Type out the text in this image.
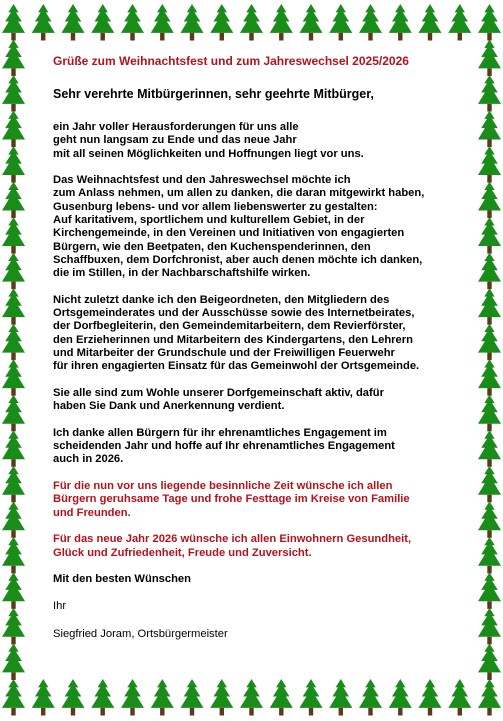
Grüße zum Weihnachtsfest und zum Jahreswechsel 2025/2026

Sehr verehrte Mitbürgerinnen, sehr geehrte Mitbürger,

ein Jahr voller Herausforderungen für uns alle
geht nun langsam zu Ende und das neue Jahr
mit all seinen Möglichkeiten und Hoffnungen liegt vor uns.

Das Weihnachtsfest und den Jahreswechsel möchte ich
zum Anlass nehmen, um allen zu danken, die daran mitgewirkt haben,
Gusenburg lebens- und vor allem liebenswerter zu gestalten:
Auf karitativem, sportlichem und kulturellem Gebiet, in der
Kirchengemeinde, in den Vereinen und Initiativen von engagierten
Bürgern, wie den Beetpaten, den Kuchenspenderinnen, den
Schaffbuxen, dem Dorfchronist, aber auch denen möchte ich danken,
die im Stillen, in der Nachbarschaftshilfe wirken.

Nicht zuletzt danke ich den Beigeordneten, den Mitgliedern des
Ortsgemeinderates und der Ausschüsse sowie des Internetbeirates,
der Dorfbegleiterin, den Gemeindemitarbeitern, dem Revierförster,
den Erzieherinnen und Mitarbeitern des Kindergartens, den Lehrern
und Mitarbeiter der Grundschule und der Freiwilligen Feuerwehr
für ihren engagierten Einsatz für das Gemeinwohl der Ortsgemeinde.

Sie alle sind zum Wohle unserer Dorfgemeinschaft aktiv, dafür
haben Sie Dank und Anerkennung verdient.

Ich danke allen Bürgern für ihr ehrenamtliches Engagement im
scheidenden Jahr und hoffe auf Ihr ehrenamtliches Engagement
auch in 2026.

Für die nun vor uns liegende besinnliche Zeit wünsche ich allen
Bürgern geruhsame Tage und frohe Festtage im Kreise von Familie
und Freunden.

Für das neue Jahr 2026 wünsche ich allen Einwohnern Gesundheit,
Glück und Zufriedenheit, Freude und Zuversicht.

Mit den besten Wünschen

Ihr

Siegfried Joram, Ortsbürgermeister
